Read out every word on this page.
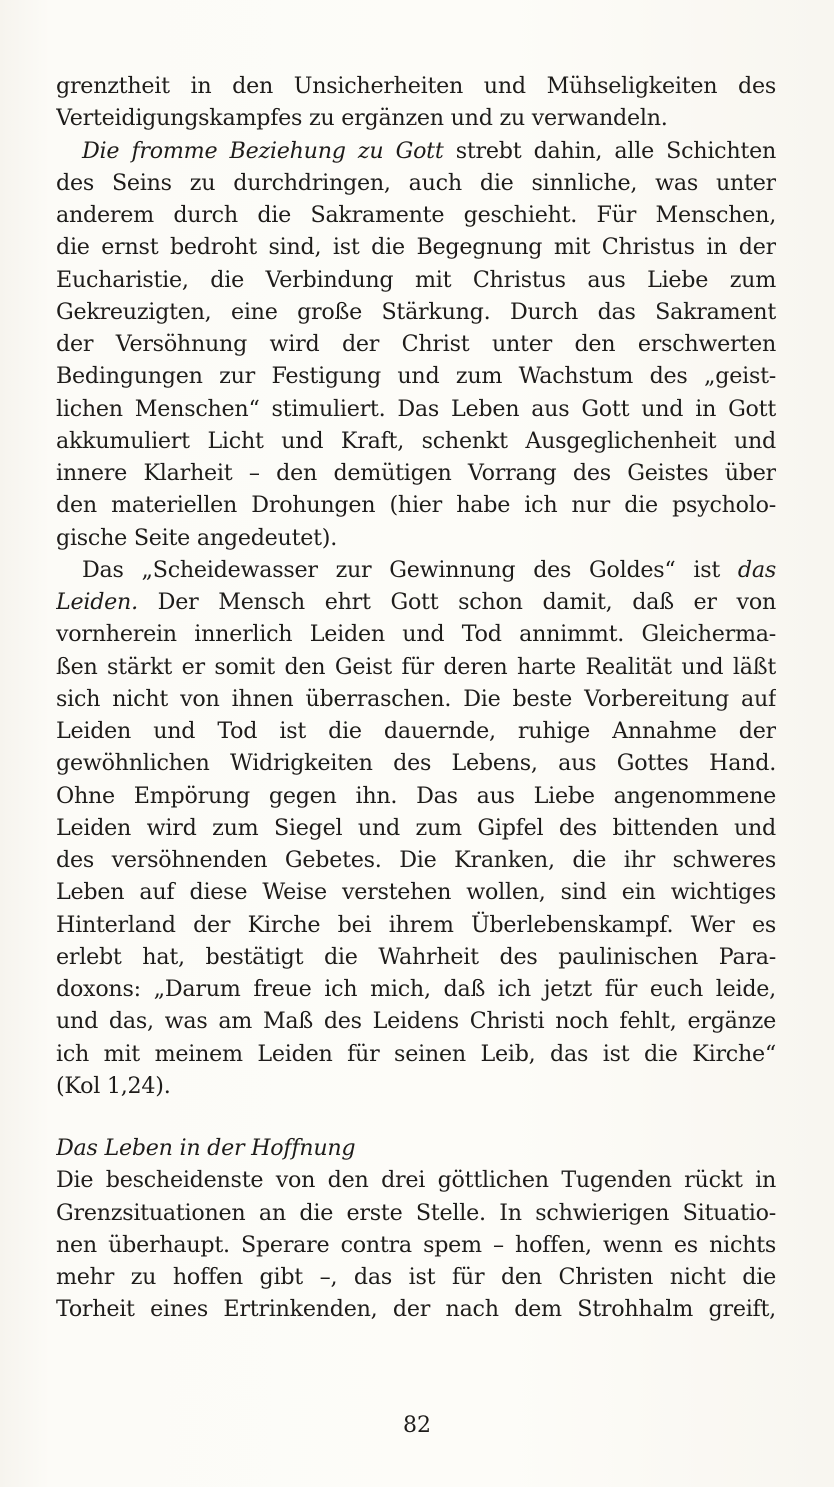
grenztheit in den Unsicherheiten und Mühseligkeiten des
Verteidigungskampfes zu ergänzen und zu verwandeln.
Die fromme Beziehung zu Gott strebt dahin, alle Schichten
des Seins zu durchdringen, auch die sinnliche, was unter
anderem durch die Sakramente geschieht. Für Menschen,
die ernst bedroht sind, ist die Begegnung mit Christus in der
Eucharistie, die Verbindung mit Christus aus Liebe zum
Gekreuzigten, eine große Stärkung. Durch das Sakrament
der Versöhnung wird der Christ unter den erschwerten
Bedingungen zur Festigung und zum Wachstum des „geist-
lichen Menschen“ stimuliert. Das Leben aus Gott und in Gott
akkumuliert Licht und Kraft, schenkt Ausgeglichenheit und
innere Klarheit – den demütigen Vorrang des Geistes über
den materiellen Drohungen (hier habe ich nur die psycholo-
gische Seite angedeutet).
Das „Scheidewasser zur Gewinnung des Goldes“ ist das
Leiden. Der Mensch ehrt Gott schon damit, daß er von
vornherein innerlich Leiden und Tod annimmt. Gleicherma-
ßen stärkt er somit den Geist für deren harte Realität und läßt
sich nicht von ihnen überraschen. Die beste Vorbereitung auf
Leiden und Tod ist die dauernde, ruhige Annahme der
gewöhnlichen Widrigkeiten des Lebens, aus Gottes Hand.
Ohne Empörung gegen ihn. Das aus Liebe angenommene
Leiden wird zum Siegel und zum Gipfel des bittenden und
des versöhnenden Gebetes. Die Kranken, die ihr schweres
Leben auf diese Weise verstehen wollen, sind ein wichtiges
Hinterland der Kirche bei ihrem Überlebenskampf. Wer es
erlebt hat, bestätigt die Wahrheit des paulinischen Para-
doxons: „Darum freue ich mich, daß ich jetzt für euch leide,
und das, was am Maß des Leidens Christi noch fehlt, ergänze
ich mit meinem Leiden für seinen Leib, das ist die Kirche“
(Kol 1,24).
Das Leben in der Hoffnung
Die bescheidenste von den drei göttlichen Tugenden rückt in
Grenzsituationen an die erste Stelle. In schwierigen Situatio-
nen überhaupt. Sperare contra spem – hoffen, wenn es nichts
mehr zu hoffen gibt –, das ist für den Christen nicht die
Torheit eines Ertrinkenden, der nach dem Strohhalm greift,
82
